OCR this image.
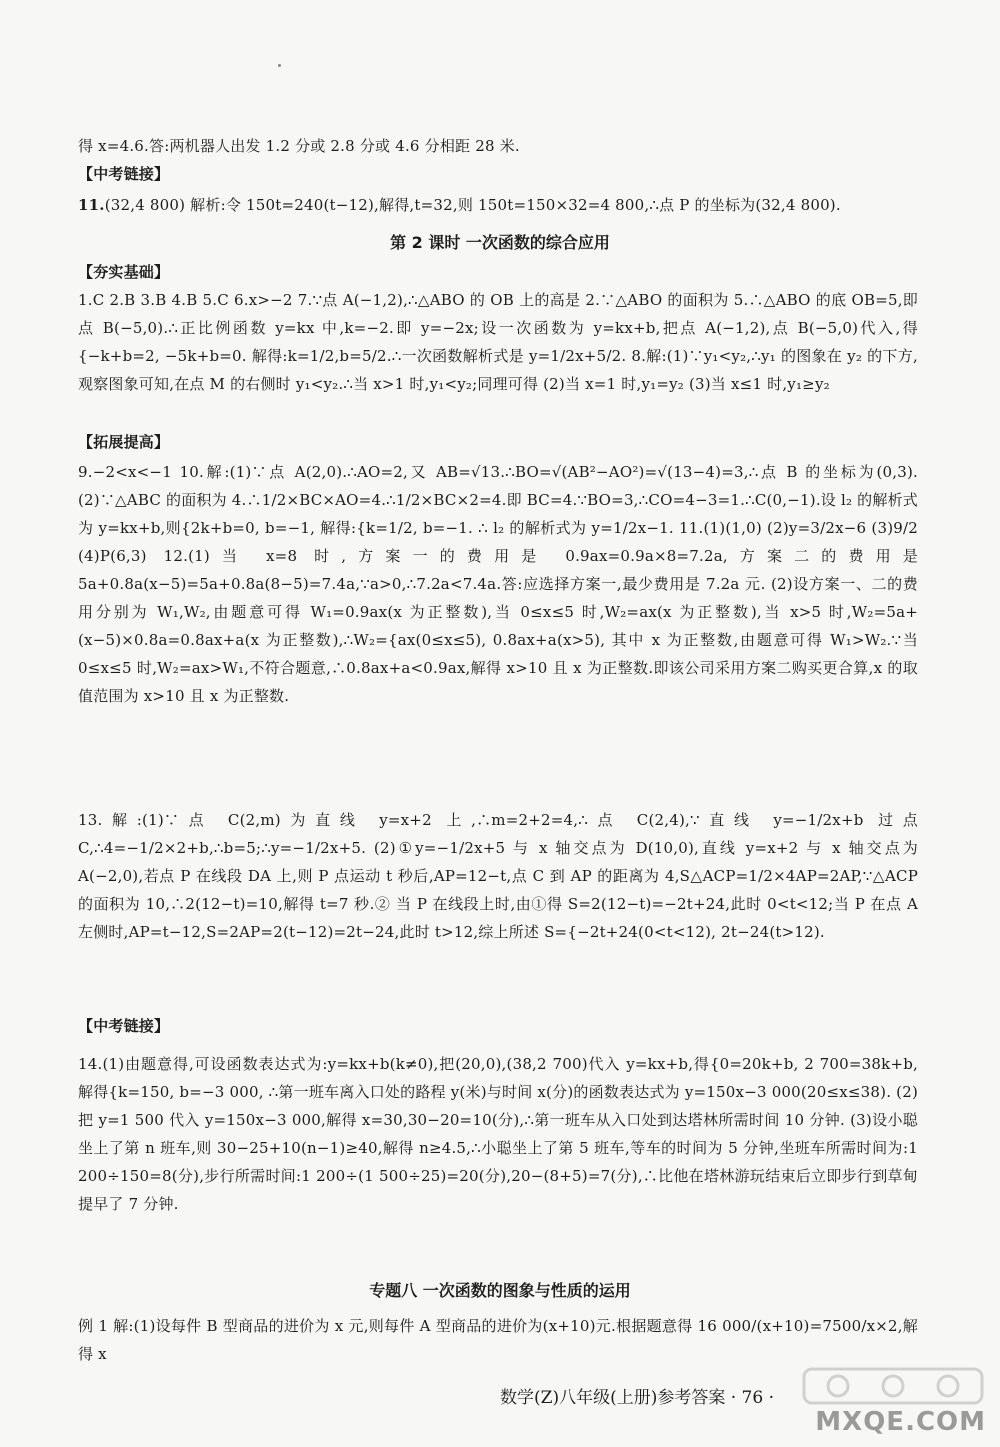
得 x=4.6.答:两机器人出发 1.2 分或 2.8 分或 4.6 分相距 28 米.

【中考链接】

11.(32,4 800) 解析:令 150t=240(t−12),解得,t=32,则 150t=150×32=4 800,∴点 P 的坐标为(32,4 800).

第 2 课时 一次函数的综合应用

【夯实基础】

1.C 2.B 3.B 4.B 5.C 6.x>−2 7.∵点 A(−1,2),∴△ABO 的 OB 上的高是 2.∵△ABO 的面积为 5.∴△ABO 的底 OB=5,即点 B(−5,0).∴正比例函数 y=kx 中,k=−2.即 y=−2x;设一次函数为 y=kx+b,把点 A(−1,2),点 B(−5,0)代入,得{−k+b=2, −5k+b=0. 解得:k=1/2,b=5/2.∴一次函数解析式是 y=1/2x+5/2. 8.解:(1)∵y₁<y₂,∴y₁ 的图象在 y₂ 的下方,观察图象可知,在点 M 的右侧时 y₁<y₂.∴当 x>1 时,y₁<y₂;同理可得 (2)当 x=1 时,y₁=y₂ (3)当 x≤1 时,y₁≥y₂

【拓展提高】

9.−2<x<−1 10.解:(1)∵点 A(2,0).∴AO=2,又 AB=√13.∴BO=√(AB²−AO²)=√(13−4)=3,∴点 B 的坐标为(0,3). (2)∵△ABC 的面积为 4.∴1/2×BC×AO=4.∴1/2×BC×2=4.即 BC=4.∵BO=3,∴CO=4−3=1.∴C(0,−1).设 l₂ 的解析式为 y=kx+b,则{2k+b=0, b=−1, 解得:{k=1/2, b=−1. ∴ l₂ 的解析式为 y=1/2x−1. 11.(1)(1,0) (2)y=3/2x−6 (3)9/2 (4)P(6,3) 12.(1)当 x=8 时,方案一的费用是 0.9ax=0.9a×8=7.2a,方案二的费用是 5a+0.8a(x−5)=5a+0.8a(8−5)=7.4a,∵a>0,∴7.2a<7.4a.答:应选择方案一,最少费用是 7.2a 元. (2)设方案一、二的费用分别为 W₁,W₂,由题意可得 W₁=0.9ax(x 为正整数),当 0≤x≤5 时,W₂=ax(x 为正整数),当 x>5 时,W₂=5a+(x−5)×0.8a=0.8ax+a(x 为正整数),∴W₂={ax(0≤x≤5), 0.8ax+a(x>5), 其中 x 为正整数,由题意可得 W₁>W₂.∵当 0≤x≤5 时,W₂=ax>W₁,不符合题意,∴0.8ax+a<0.9ax,解得 x>10 且 x 为正整数.即该公司采用方案二购买更合算,x 的取值范围为 x>10 且 x 为正整数.

13.解:(1)∵点 C(2,m)为直线 y=x+2 上,∴m=2+2=4,∴点 C(2,4),∵直线 y=−1/2x+b 过点 C,∴4=−1/2×2+b,∴b=5;∴y=−1/2x+5. (2)①y=−1/2x+5 与 x 轴交点为 D(10,0),直线 y=x+2 与 x 轴交点为 A(−2,0),若点 P 在线段 DA 上,则 P 点运动 t 秒后,AP=12−t,点 C 到 AP 的距离为 4,S△ACP=1/2×4AP=2AP,∵△ACP 的面积为 10,∴2(12−t)=10,解得 t=7 秒.② 当 P 在线段上时,由①得 S=2(12−t)=−2t+24,此时 0<t<12;当 P 在点 A 左侧时,AP=t−12,S=2AP=2(t−12)=2t−24,此时 t>12,综上所述 S={−2t+24(0<t<12), 2t−24(t>12).

【中考链接】

14.(1)由题意得,可设函数表达式为:y=kx+b(k≠0),把(20,0),(38,2 700)代入 y=kx+b,得{0=20k+b, 2 700=38k+b, 解得{k=150, b=−3 000, ∴第一班车离入口处的路程 y(米)与时间 x(分)的函数表达式为 y=150x−3 000(20≤x≤38). (2)把 y=1 500 代入 y=150x−3 000,解得 x=30,30−20=10(分),∴第一班车从入口处到达塔林所需时间 10 分钟. (3)设小聪坐上了第 n 班车,则 30−25+10(n−1)≥40,解得 n≥4.5,∴小聪坐上了第 5 班车,等车的时间为 5 分钟,坐班车所需时间为:1 200÷150=8(分),步行所需时间:1 200÷(1 500÷25)=20(分),20−(8+5)=7(分),∴比他在塔林游玩结束后立即步行到草甸提早了 7 分钟.

专题八 一次函数的图象与性质的运用

例 1 解:(1)设每件 B 型商品的进价为 x 元,则每件 A 型商品的进价为(x+10)元.根据题意得 16 000/(x+10)=7500/x×2,解得 x

数学(Z)八年级(上册)参考答案 · 76 ·
MXQE.COM
